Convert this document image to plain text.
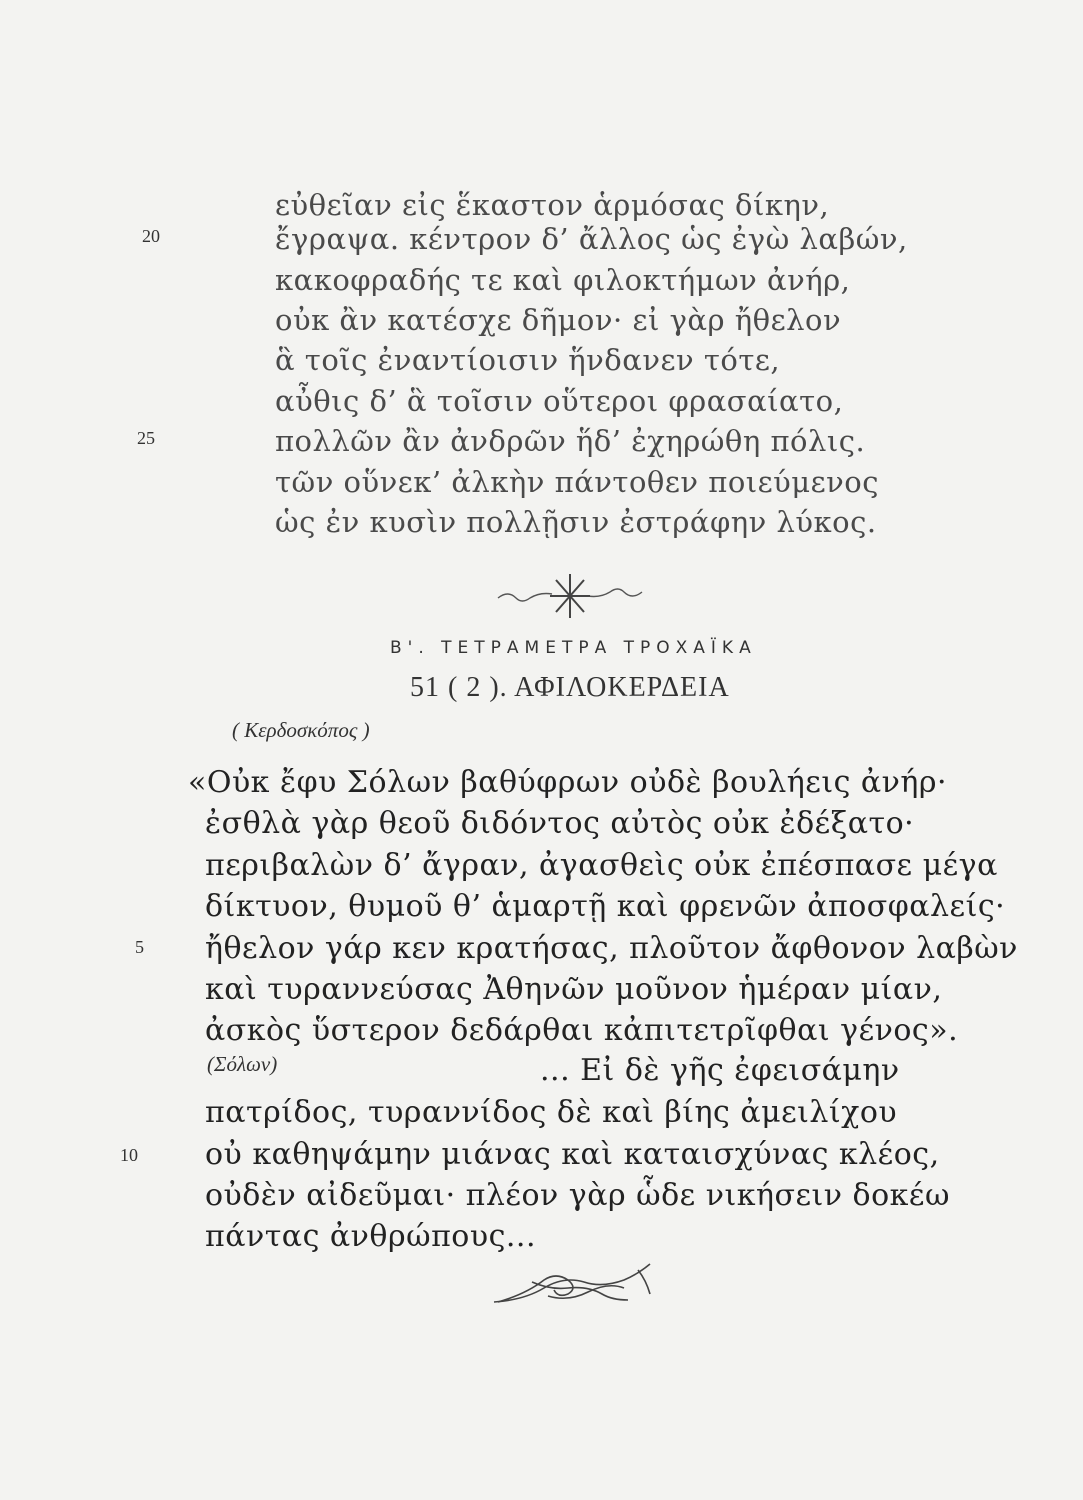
εὐθεῖαν εἰς ἕκαστον ἁρμόσας δίκην,
20	ἔγραψα. κέντρον δ’ ἄλλος ὡς ἐγὼ λαβών,
κακοφραδής τε καὶ φιλοκτήμων ἀνήρ,
οὐκ ἂν κατέσχε δῆμον· εἰ γὰρ ἤθελον
ἃ τοῖς ἐναντίοισιν ἥνδανεν τότε,
αὖθις δ’ ἃ τοῖσιν οὕτεροι φρασαίατο,
25	πολλῶν ἂν ἀνδρῶν ἥδ’ ἐχηρώθη πόλις.
τῶν οὕνεκ’ ἀλκὴν πάντοθεν ποιεύμενος
ὡς ἐν κυσὶν πολλῇσιν ἐστράφην λύκος.
Β'. ΤΕΤΡΑΜΕΤΡΑ ΤΡΟΧΑΪΚΑ
51 ( 2 ). ΑΦΙΛΟΚΕΡΔΕΙΑ
( Κερδοσκόπος )
«Οὐκ ἔφυ Σόλων βαθύφρων οὐδὲ βουλήεις ἀνήρ·
ἐσθλὰ γὰρ θεοῦ διδόντος αὐτὸς οὐκ ἐδέξατο·
περιβαλὼν δ’ ἄγραν, ἀγασθεὶς οὐκ ἐπέσπασε μέγα
δίκτυον, θυμοῦ θ’ ἁμαρτῇ καὶ φρενῶν ἀποσφαλείς·
5 ἤθελον γάρ κεν κρατήσας, πλοῦτον ἄφθονον λαβὼν
καὶ τυραννεύσας Ἀθηνῶν μοῦνον ἡμέραν μίαν,
ἀσκὸς ὕστερον δεδάρθαι κἀπιτετρῖφθαι γένος».
(Σόλων)	... Εἰ δὲ γῆς ἐφεισάμην
πατρίδος, τυραννίδος δὲ καὶ βίης ἀμειλίχου
10 οὐ καθηψάμην μιάνας καὶ καταισχύνας κλέος,
οὐδὲν αἰδεῦμαι· πλέον γὰρ ὧδε νικήσειν δοκέω
πάντας ἀνθρώπους...
